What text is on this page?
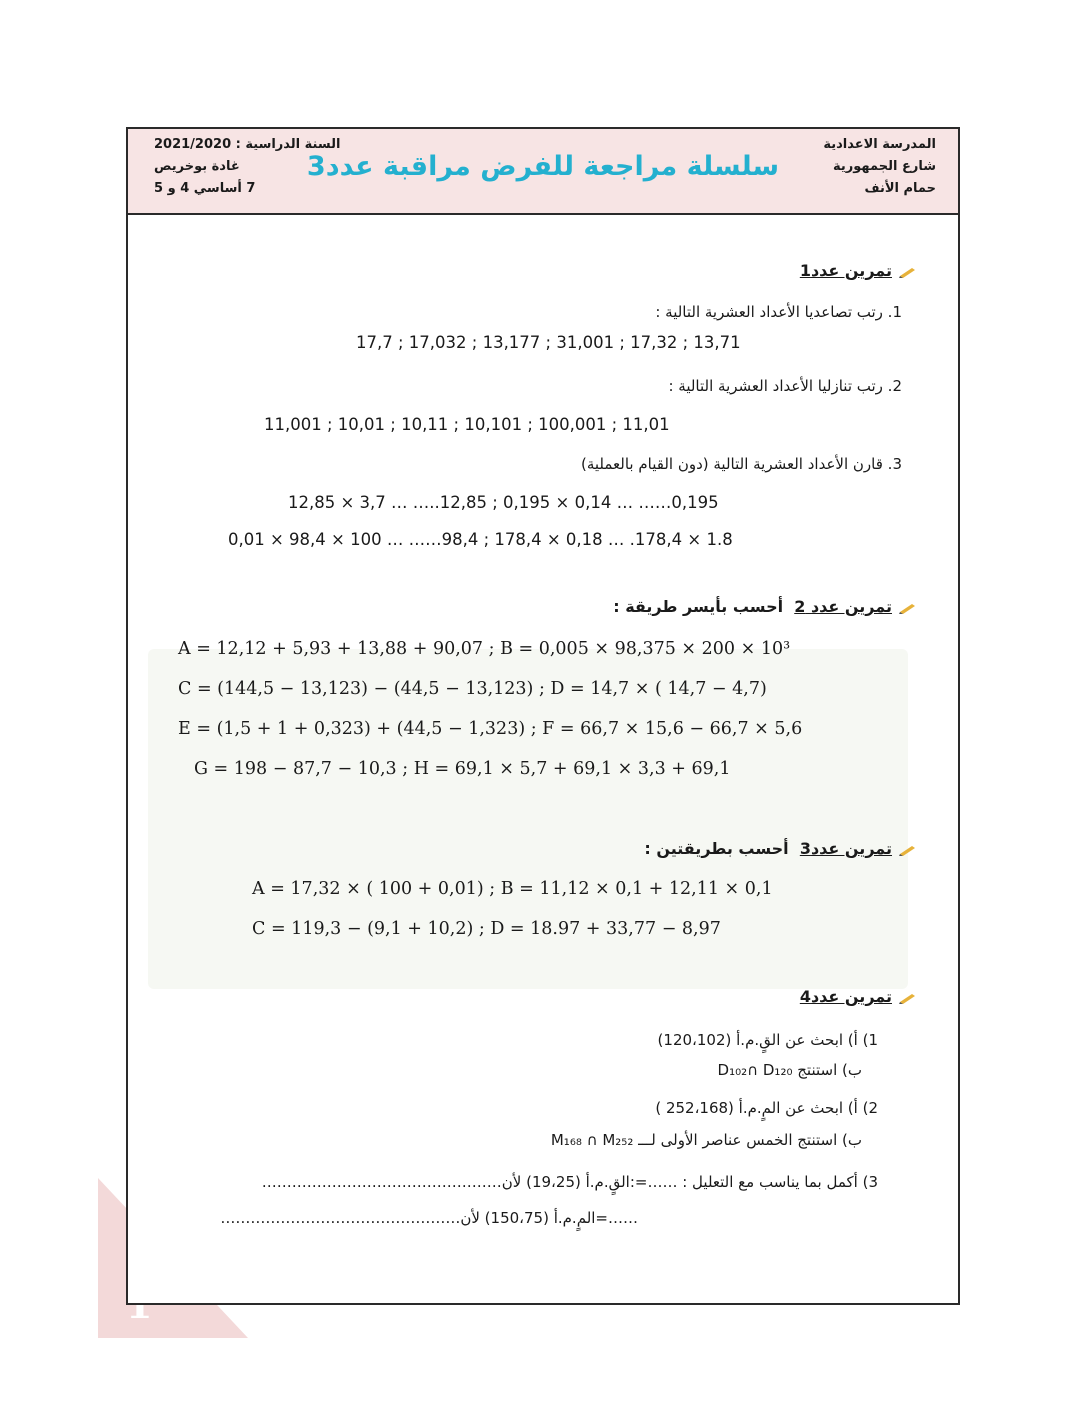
المدرسة الاعدادية
شارع الجمهورية
حمام الأنف
سلسلة مراجعة للفرض مراقبة عدد3
السنة الدراسية : 2021/2020
غادة بوخريص
7 أساسي 4 و 5
تمرين عدد1
1. رتب تصاعديا الأعداد العشرية التالية :
17,7 ; 17,032 ; 13,177 ; 31,001 ; 17,32 ; 13,71
2. رتب تنازليا الأعداد العشرية التالية :
11,001 ; 10,01 ; 10,11 ; 10,101 ; 100,001 ; 11,01
3. قارن الأعداد العشرية التالية (دون القيام بالعملية)
12,85 × 3,7 … …..12,85 ; 0,195 × 0,14 … ……0,195
0,01 × 98,4 × 100 … ……98,4 ; 178,4 × 0,18 … .178,4 × 1.8
تمرين عدد 2  أحسب بأيسر طريقة :
A = 12,12 + 5,93 + 13,88 + 90,07 ; B = 0,005 × 98,375 × 200 × 10³
C = (144,5 − 13,123) − (44,5 − 13,123) ; D = 14,7 × ( 14,7 − 4,7)
E = (1,5 + 1 + 0,323) + (44,5 − 1,323) ; F = 66,7 × 15,6 − 66,7 × 5,6
G = 198 − 87,7 − 10,3 ; H = 69,1 × 5,7 + 69,1 × 3,3 + 69,1
تمرين عدد3  أحسب بطريقتين :
A = 17,32 × ( 100 + 0,01) ; B = 11,12 × 0,1 + 12,11 × 0,1
C = 119,3 − (9,1 + 10,2) ; D = 18.97 + 33,77 − 8,97
تمرين عدد4
1) أ) ابحث عن القٍ.م.أ (120،102)
ب) استنتج D₁₀₂∩ D₁₂₀
2) أ) ابحث عن المٍ.م.أ (252،168 )
ب) استنتج الخمس عناصر الأولى لـــ M₁₆₈ ∩ M₂₅₂
3) أكمل بما يناسب مع التعليل : ……=:القٍ.م.أ (19،25) لأن…………………………………………
……=المٍ.م.أ (150،75) لأن…………………………………………
